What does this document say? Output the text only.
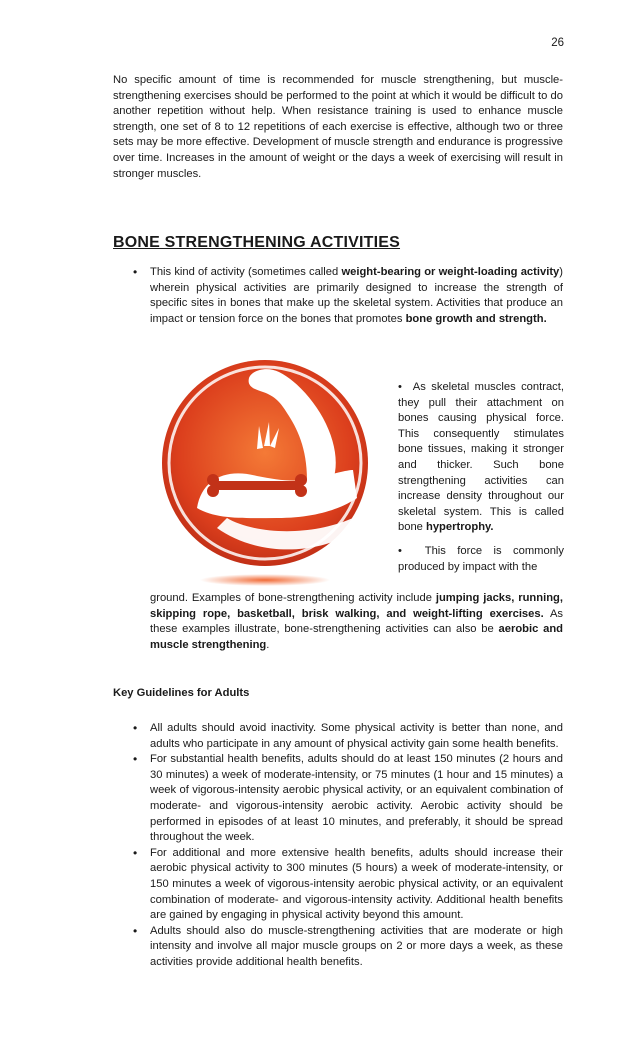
26

No specific amount of time is recommended for muscle strengthening, but muscle-strengthening exercises should be performed to the point at which it would be difficult to do another repetition without help. When resistance training is used to enhance muscle strength, one set of 8 to 12 repetitions of each exercise is effective, although two or three sets may be more effective. Development of muscle strength and endurance is progressive over time. Increases in the amount of weight or the days a week of exercising will result in stronger muscles.

BONE STRENGTHENING ACTIVITIES
• This kind of activity (sometimes called weight-bearing or weight-loading activity) wherein physical activities are primarily designed to increase the strength of specific sites in bones that make up the skeletal system. Activities that produce an impact or tension force on the bones that promotes bone growth and strength.

•  As skeletal muscles contract, they pull their attachment on bones causing physical force. This consequently stimulates bone tissues, making it stronger and thicker. Such bone strengthening activities can increase density throughout our skeletal system. This is called bone hypertrophy.

•  This force is commonly produced by impact with the

ground. Examples of bone-strengthening activity include jumping jacks, running, skipping rope, basketball, brisk walking, and weight-lifting exercises. As these examples illustrate, bone-strengthening activities can also be aerobic and muscle strengthening.

Key Guidelines for Adults

• All adults should avoid inactivity. Some physical activity is better than none, and adults who participate in any amount of physical activity gain some health benefits.
• For substantial health benefits, adults should do at least 150 minutes (2 hours and 30 minutes) a week of moderate-intensity, or 75 minutes (1 hour and 15 minutes) a week of vigorous-intensity aerobic physical activity, or an equivalent combination of moderate- and vigorous-intensity aerobic activity. Aerobic activity should be performed in episodes of at least 10 minutes, and preferably, it should be spread throughout the week.
• For additional and more extensive health benefits, adults should increase their aerobic physical activity to 300 minutes (5 hours) a week of moderate-intensity, or 150 minutes a week of vigorous-intensity aerobic physical activity, or an equivalent combination of moderate- and vigorous-intensity activity. Additional health benefits are gained by engaging in physical activity beyond this amount.
• Adults should also do muscle-strengthening activities that are moderate or high intensity and involve all major muscle groups on 2 or more days a week, as these activities provide additional health benefits.
